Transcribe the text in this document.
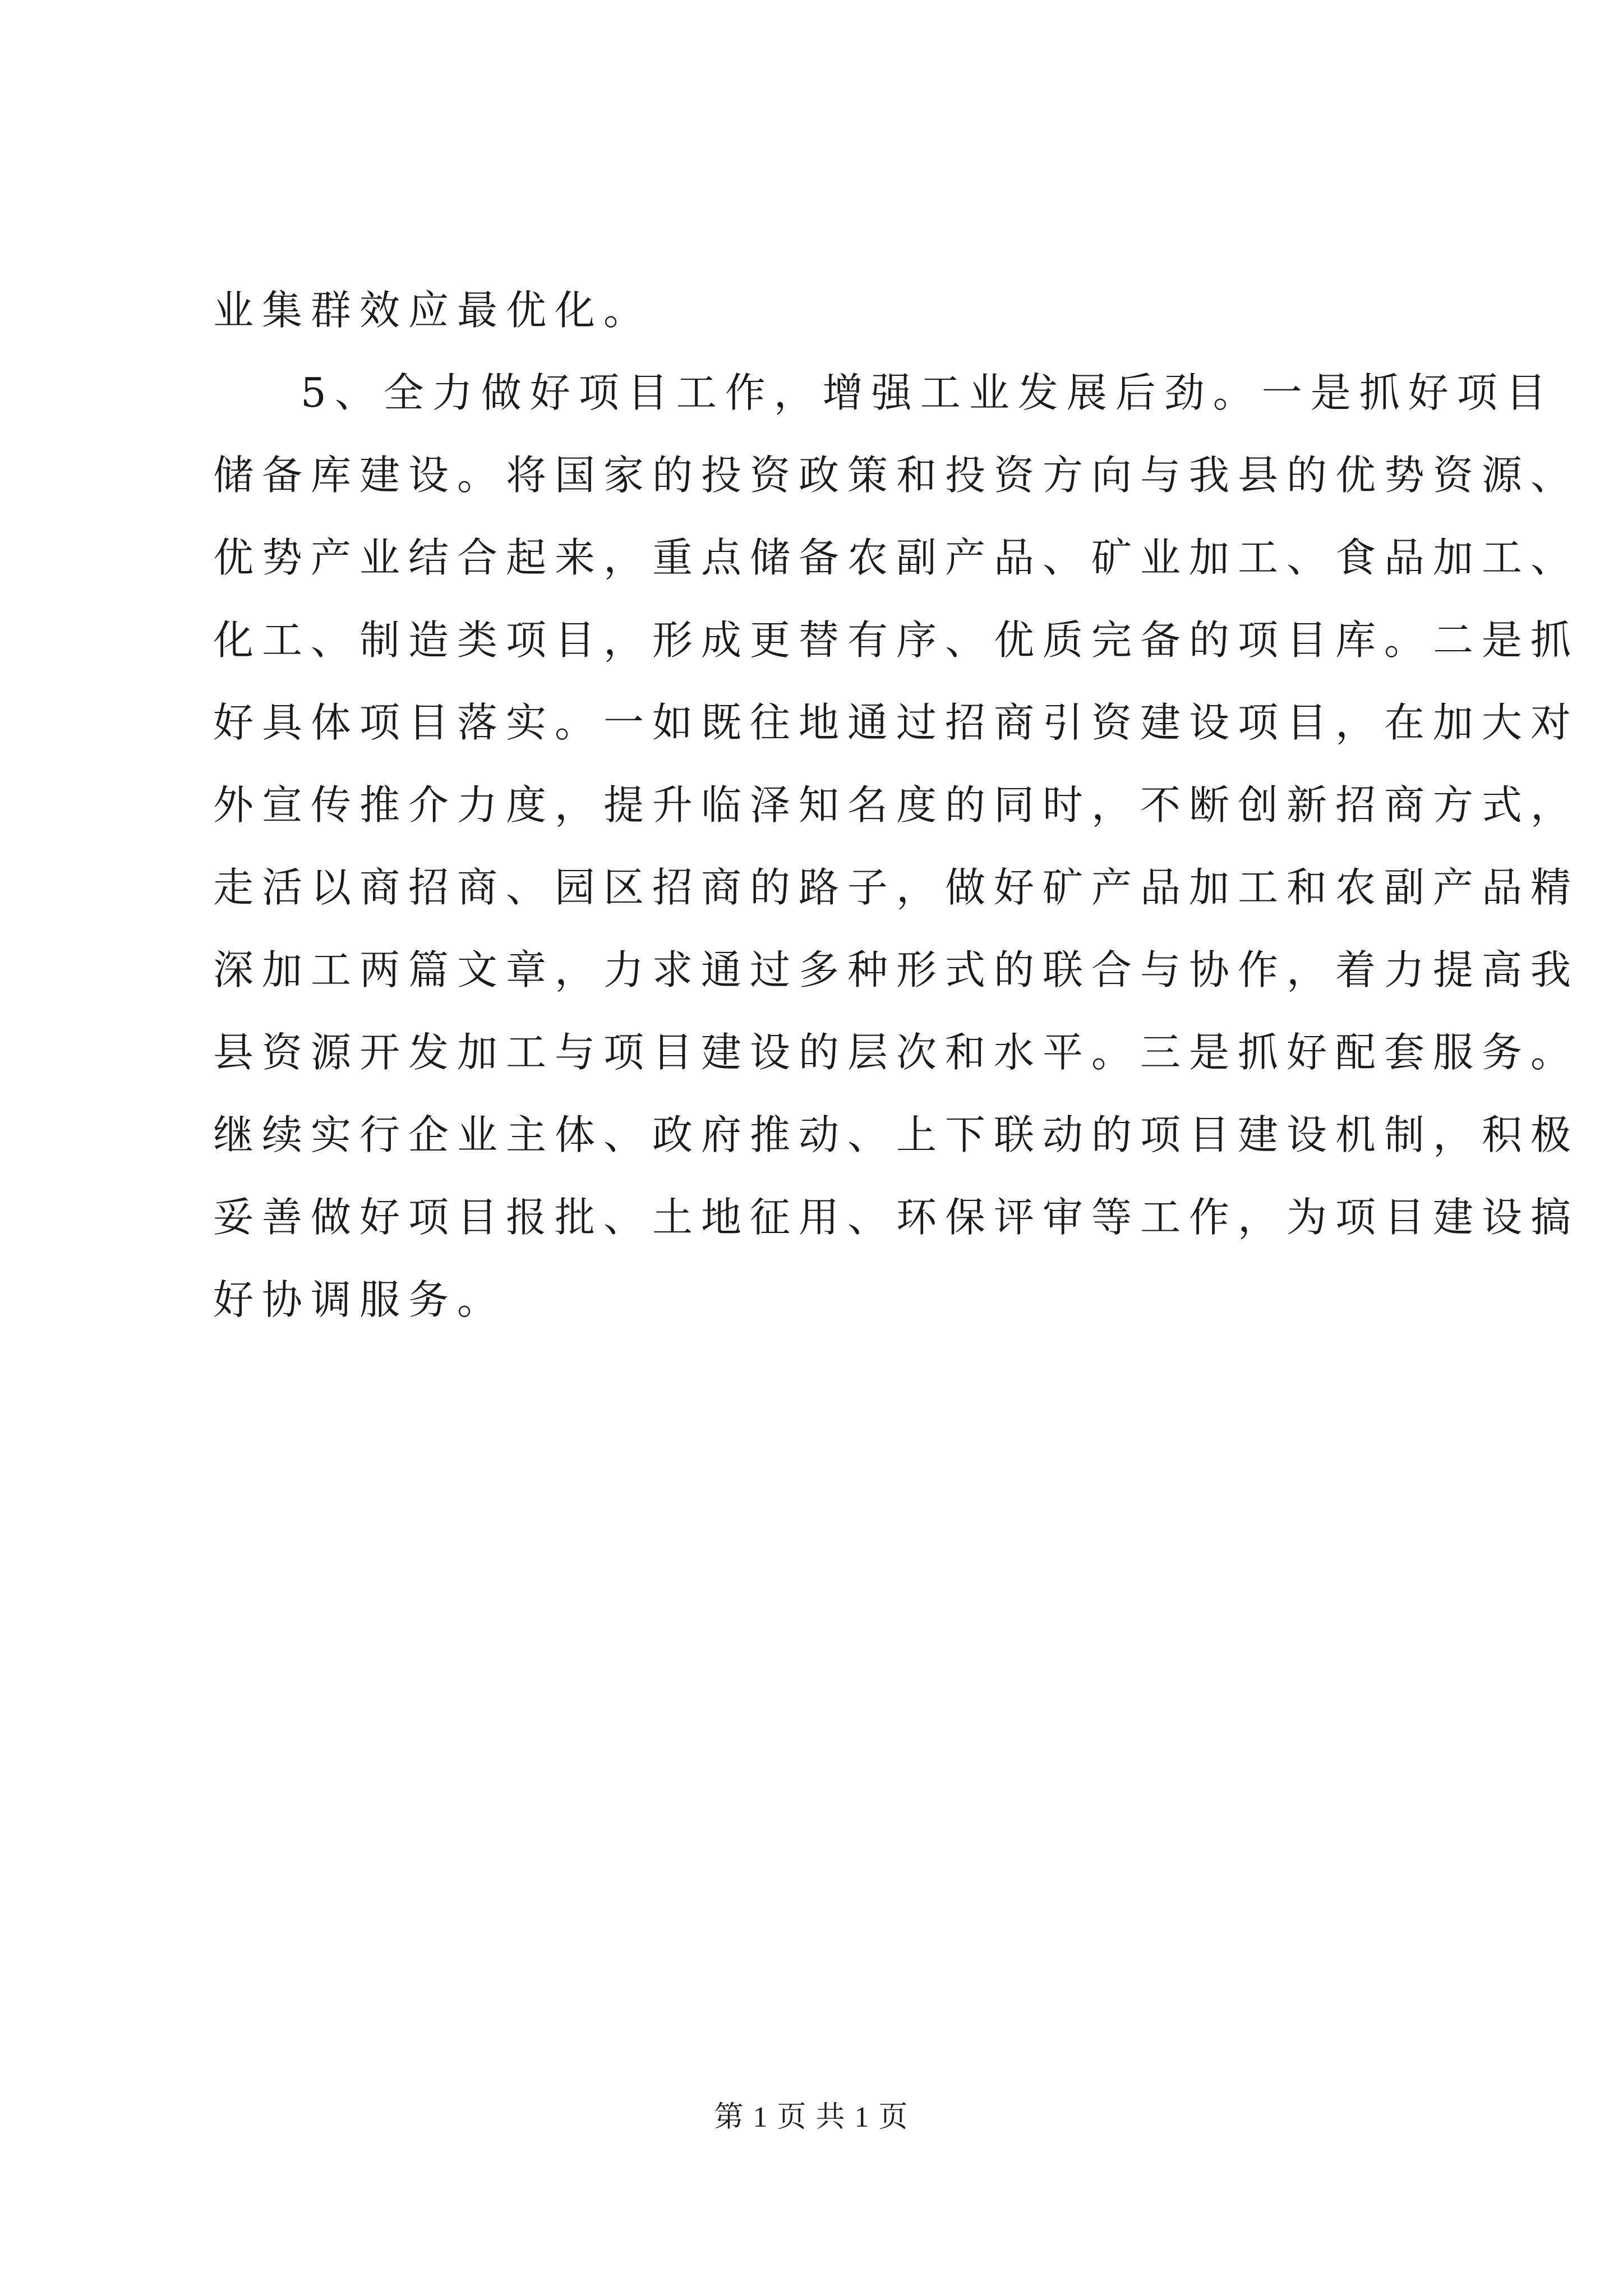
业集群效应最优化。
5、全力做好项目工作，增强工业发展后劲。一是抓好项目
储备库建设。将国家的投资政策和投资方向与我县的优势资源、
优势产业结合起来，重点储备农副产品、矿业加工、食品加工、
化工、制造类项目，形成更替有序、优质完备的项目库。二是抓
好具体项目落实。一如既往地通过招商引资建设项目，在加大对
外宣传推介力度，提升临泽知名度的同时，不断创新招商方式，
走活以商招商、园区招商的路子，做好矿产品加工和农副产品精
深加工两篇文章，力求通过多种形式的联合与协作，着力提高我
县资源开发加工与项目建设的层次和水平。三是抓好配套服务。
继续实行企业主体、政府推动、上下联动的项目建设机制，积极
妥善做好项目报批、土地征用、环保评审等工作，为项目建设搞
好协调服务。
第 1 页 共 1 页
